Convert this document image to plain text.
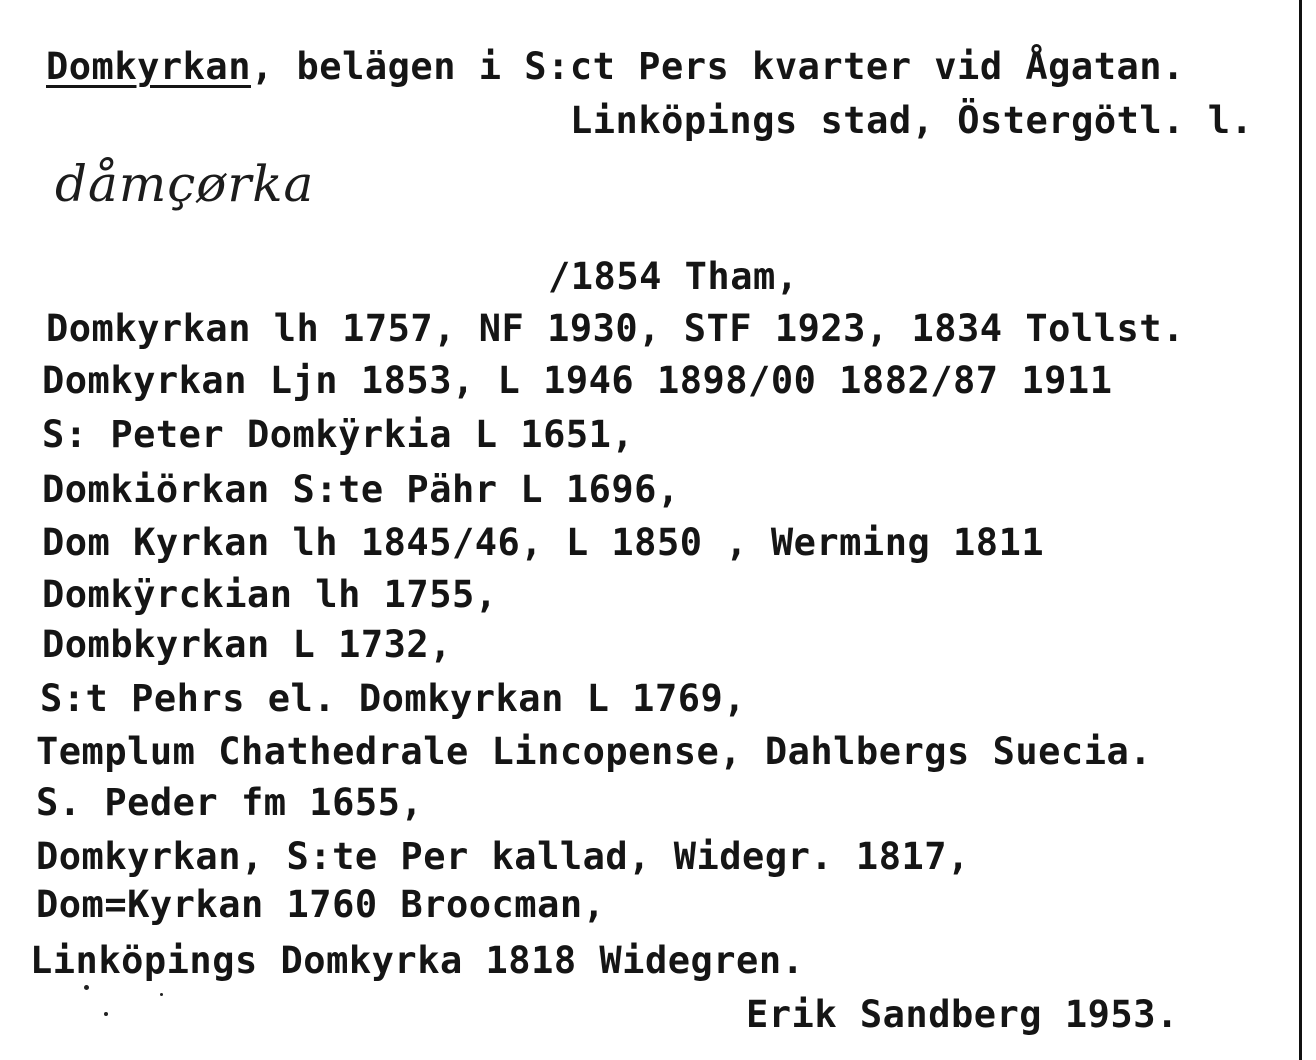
Domkyrkan, belägen i S:ct Pers kvarter vid Ågatan.
Linköpings stad, Östergötl. l.
dåmçørka
/1854 Tham,
Domkyrkan lh 1757, NF 1930, STF 1923, 1834 Tollst.
Domkyrkan Ljn 1853, L 1946 1898/00 1882/87 1911
S: Peter Domkÿrkia L 1651,
Domkiörkan S:te Pähr L 1696,
Dom Kyrkan lh 1845/46, L 1850 , Werming 1811
Domkÿrckian lh 1755,
Dombkyrkan L 1732,
S:t Pehrs el. Domkyrkan L 1769,
Templum Chathedrale Lincopense, Dahlbergs Suecia.
S. Peder fm 1655,
Domkyrkan, S:te Per kallad, Widegr. 1817,
Dom=Kyrkan 1760 Broocman,
Linköpings Domkyrka 1818 Widegren.
Erik Sandberg 1953.
